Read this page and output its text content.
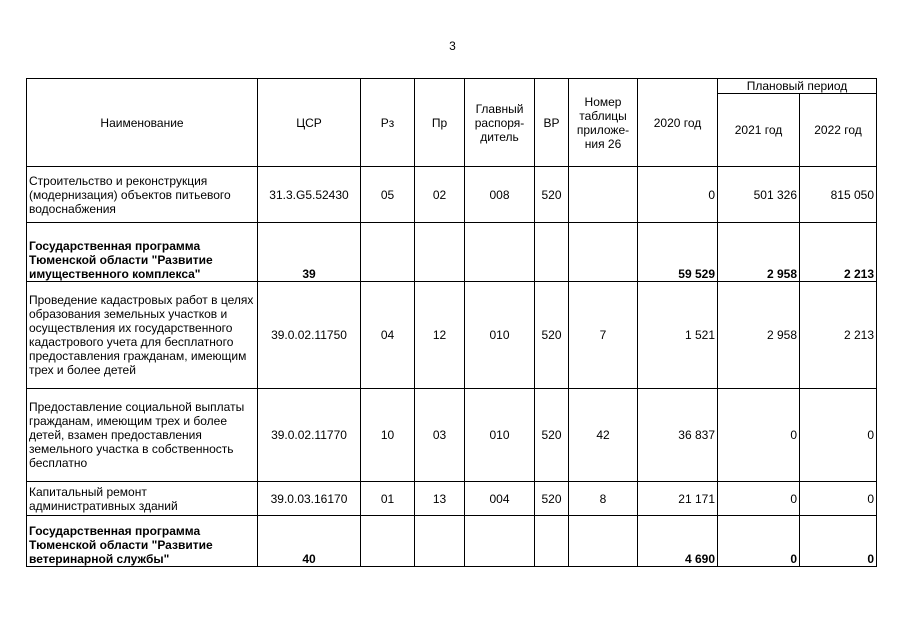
3
Наименование	ЦСР	Рз	Пр	Главный распоря-дитель	ВР	Номер таблицы приложе-ния 26	2020 год	Плановый период	
								2021 год	2022 год
Строительство и реконструкция (модернизация) объектов питьевого водоснабжения	31.3.G5.52430	05	02	008	520		0	501 326	815 050
Государственная программа Тюменской области "Развитие имущественного комплекса"	39						59 529	2 958	2 213
Проведение кадастровых работ в целях образования земельных участков и осуществления их государственного кадастрового учета для бесплатного предоставления гражданам, имеющим трех и более детей	39.0.02.11750	04	12	010	520	7	1 521	2 958	2 213
Предоставление социальной выплаты гражданам, имеющим трех и более детей, взамен предоставления земельного участка в собственность бесплатно	39.0.02.11770	10	03	010	520	42	36 837	0	0
Капитальный ремонт административных зданий	39.0.03.16170	01	13	004	520	8	21 171	0	0
Государственная программа Тюменской области "Развитие ветеринарной службы"	40						4 690	0	0
